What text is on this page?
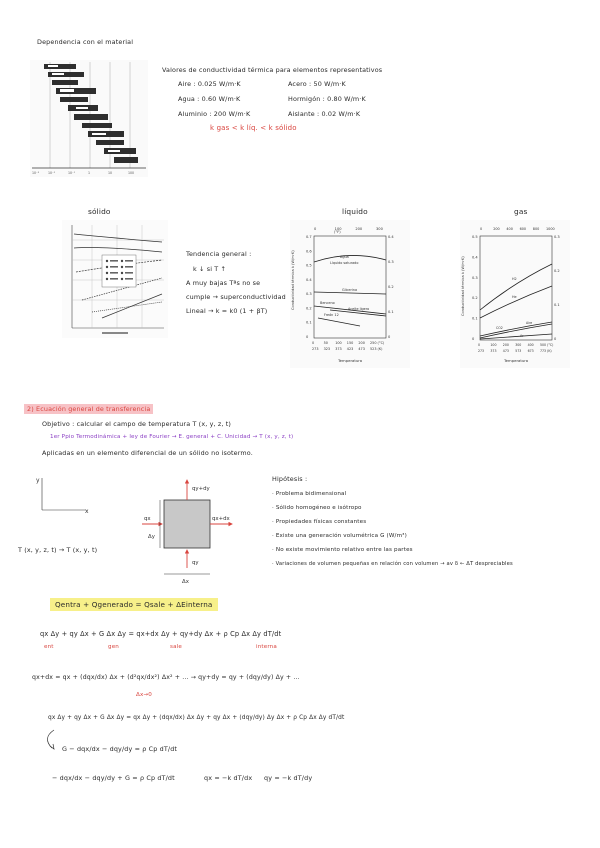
Dependencia con el material
10⁻³	10⁻²	10⁻¹	1	10	100
Valores de conductividad térmica para elementos representativos
Aire : 0.025 W/m·K	Acero : 50 W/m·K
Agua : 0.60 W/m·K	Hormigón : 0.80 W/m·K
Aluminio : 200 W/m·K	Aislante : 0.02 W/m·K
k gas < k líq. < k sólido
sólido	líquido	gas
Tendencia general :
k ↓ si T ↑
A muy bajas Tªs no se
cumple → superconductividad
Lineal → k = k0 (1 + βT)
Conductividad térmica k (W/m·K)
0	100	200	300
0
0.1
0.2
0.3
0.4
0.5
0.6
0.7
0
0.1
0.2
0.3
0.4
0	50 100 150 200 250 (°C)
273 323 373 423 473 523 (K)
(°F)
Agua
Líquido saturado
Glicerina
Benceno
Aceite ligero
Freón 12
Temperatura
Conductividad térmica k (W/m·K)
0	200 400 600 800 1000
0
0.1
0.2
0.3
0.4
0.5
0
0.1
0.2
0.3
0	100 200 300 400 500 (°C)
273 373 473 573 673 773 (K)
H2
He
CO2
Aire
Ar
Temperatura
2) Ecuación general de transferencia
Objetivo : calcular el campo de temperatura T (x, y, z, t)
1er Ppio Termodinámica + ley de Fourier → E. general + C. Unicidad → T (x, y, z, t)
Aplicadas en un elemento diferencial de un sólido no isotermo.
y
x
qy+dy
qx	qx+dx
qy
Δy
Δx
T (x, y, z, t) → T (x, y, t)
Hipótesis :
· Problema bidimensional
· Sólido homogéneo e isótropo
· Propiedades físicas constantes
· Existe una generación volumétrica G (W/m³)
· No existe movimiento relativo entre las partes
· Variaciones de volumen pequeñas en relación con volumen → av δ ← ΔT despreciables
Qentra + Qgenerado = Qsale + ΔEinterna
qx Δy + qy Δx + G Δx Δy = qx+dx Δy + qy+dy Δx + ρ Cp Δx Δy dT/dt
ent	gen	sale	interna
qx+dx = qx + (dqx/dx) Δx + (d²qx/dx²) Δx² + ... → qy+dy = qy + (dqy/dy) Δy + ...
Δx→0
qx Δy + qy Δx + G Δx Δy = qx Δy + (dqx/dx) Δx Δy + qy Δx + (dqy/dy) Δy Δx + ρ Cp Δx Δy dT/dt
G − dqx/dx − dqy/dy = ρ Cp dT/dt
− dqx/dx − dqy/dy + G = ρ Cp dT/dt	qx = −k dT/dx qy = −k dT/dy
